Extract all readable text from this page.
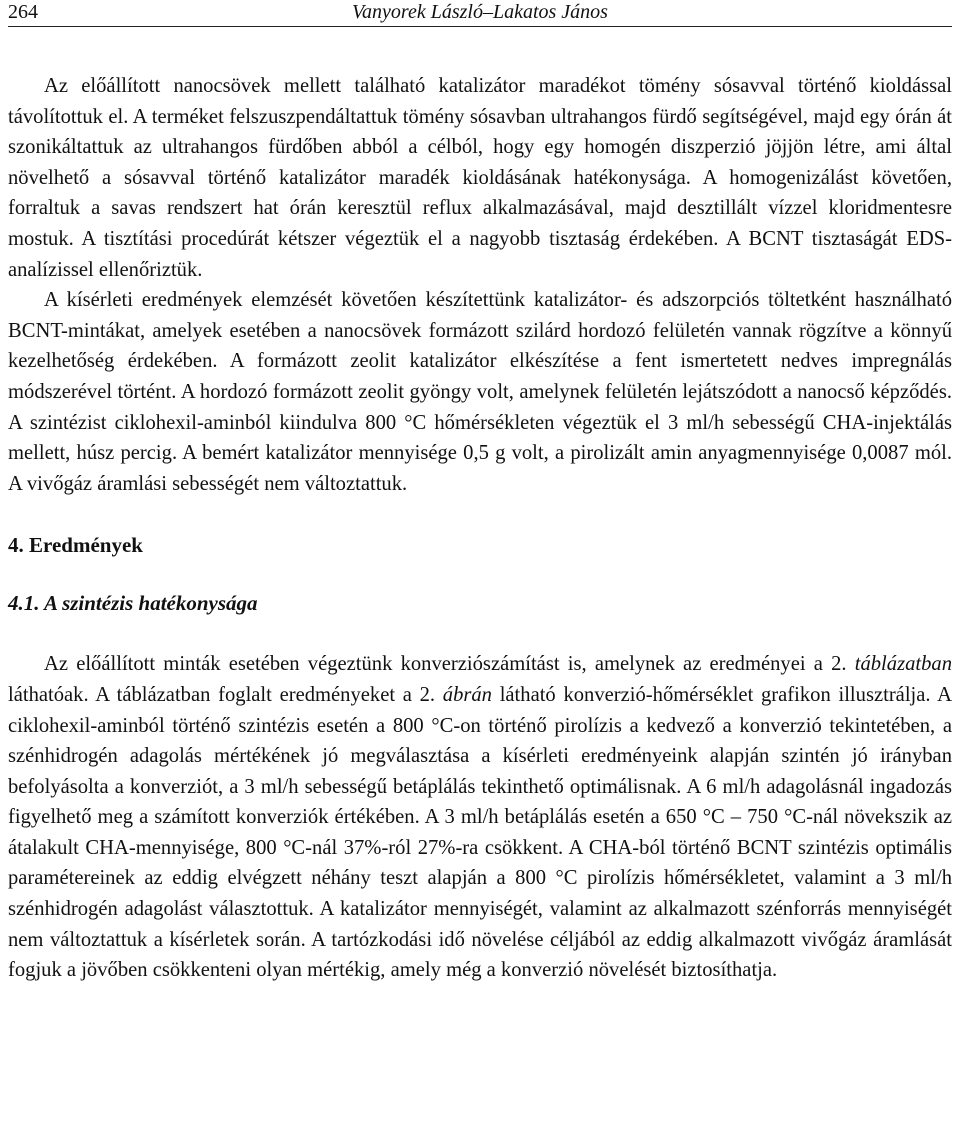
264	Vanyorek László–Lakatos János

Az előállított nanocsövek mellett található katalizátor maradékot tömény sósavval történő kioldással távolítottuk el. A terméket felszuszpendáltattuk tömény sósavban ultrahangos fürdő segítségével, majd egy órán át szonikáltattuk az ultrahangos fürdőben abból a célból, hogy egy homogén diszperzió jöjjön létre, ami által növelhető a sósavval történő katalizátor maradék kioldásának hatékonysága. A homogenizálást követően, forraltuk a savas rendszert hat órán keresztül reflux alkalmazásával, majd desztillált vízzel kloridmentesre mostuk. A tisztítási procedúrát kétszer végeztük el a nagyobb tisztaság érdekében. A BCNT tisztaságát EDS-analízissel ellenőriztük.

A kísérleti eredmények elemzését követően készítettünk katalizátor- és adszorpciós töltetként használható BCNT-mintákat, amelyek esetében a nanocsövek formázott szilárd hordozó felületén vannak rögzítve a könnyű kezelhetőség érdekében. A formázott zeolit katalizátor elkészítése a fent ismertetett nedves impregnálás módszerével történt. A hordozó formázott zeolit gyöngy volt, amelynek felületén lejátszódott a nanocső képződés. A szintézist ciklohexil-aminból kiindulva 800 °C hőmérsékleten végeztük el 3 ml/h sebességű CHA-injektálás mellett, húsz percig. A bemért katalizátor mennyisége 0,5 g volt, a pirolizált amin anyagmennyisége 0,0087 mól. A vivőgáz áramlási sebességét nem változtattuk.

4. Eredmények
4.1. A szintézis hatékonysága

Az előállított minták esetében végeztünk konverziószámítást is, amelynek az eredményei a 2. táblázatban láthatóak. A táblázatban foglalt eredményeket a 2. ábrán látható konverzió-hőmérséklet grafikon illusztrálja. A ciklohexil-aminból történő szintézis esetén a 800 °C-on történő pirolízis a kedvező a konverzió tekintetében, a szénhidrogén adagolás mértékének jó megválasztása a kísérleti eredményeink alapján szintén jó irányban befolyásolta a konverziót, a 3 ml/h sebességű betáplálás tekinthető optimálisnak. A 6 ml/h adagolásnál ingadozás figyelhető meg a számított konverziók értékében. A 3 ml/h betáplálás esetén a 650 °C – 750 °C-nál növekszik az átalakult CHA-mennyisége, 800 °C-nál 37%-ról 27%-ra csökkent. A CHA-ból történő BCNT szintézis optimális paramétereinek az eddig elvégzett néhány teszt alapján a 800 °C pirolízis hőmérsékletet, valamint a 3 ml/h szénhidrogén adagolást választottuk. A katalizátor mennyiségét, valamint az alkalmazott szénforrás mennyiségét nem változtattuk a kísérletek során. A tartózkodási idő növelése céljából az eddig alkalmazott vivőgáz áramlását fogjuk a jövőben csökkenteni olyan mértékig, amely még a konverzió növelését biztosíthatja.
